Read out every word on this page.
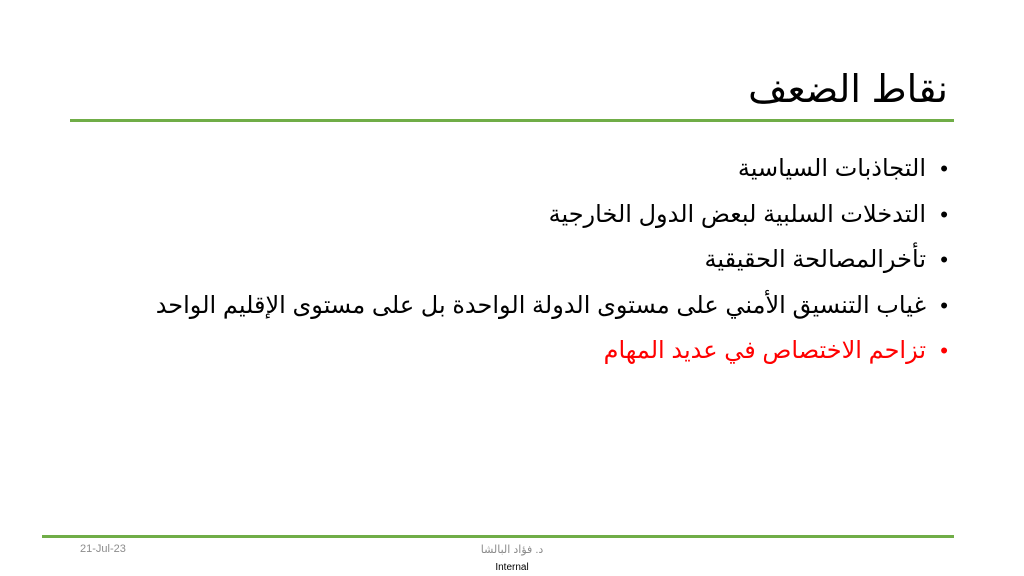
نقاط الضعف
•
التجاذبات السياسية
•
التدخلات السلبية لبعض الدول الخارجية
•
تأخرالمصالحة الحقيقية
•
غياب التنسيق الأمني على مستوى الدولة الواحدة بل على مستوى الإقليم الواحد
•
تزاحم الاختصاص في عديد المهام
21-Jul-23	د. فؤاد البالشا
Internal
